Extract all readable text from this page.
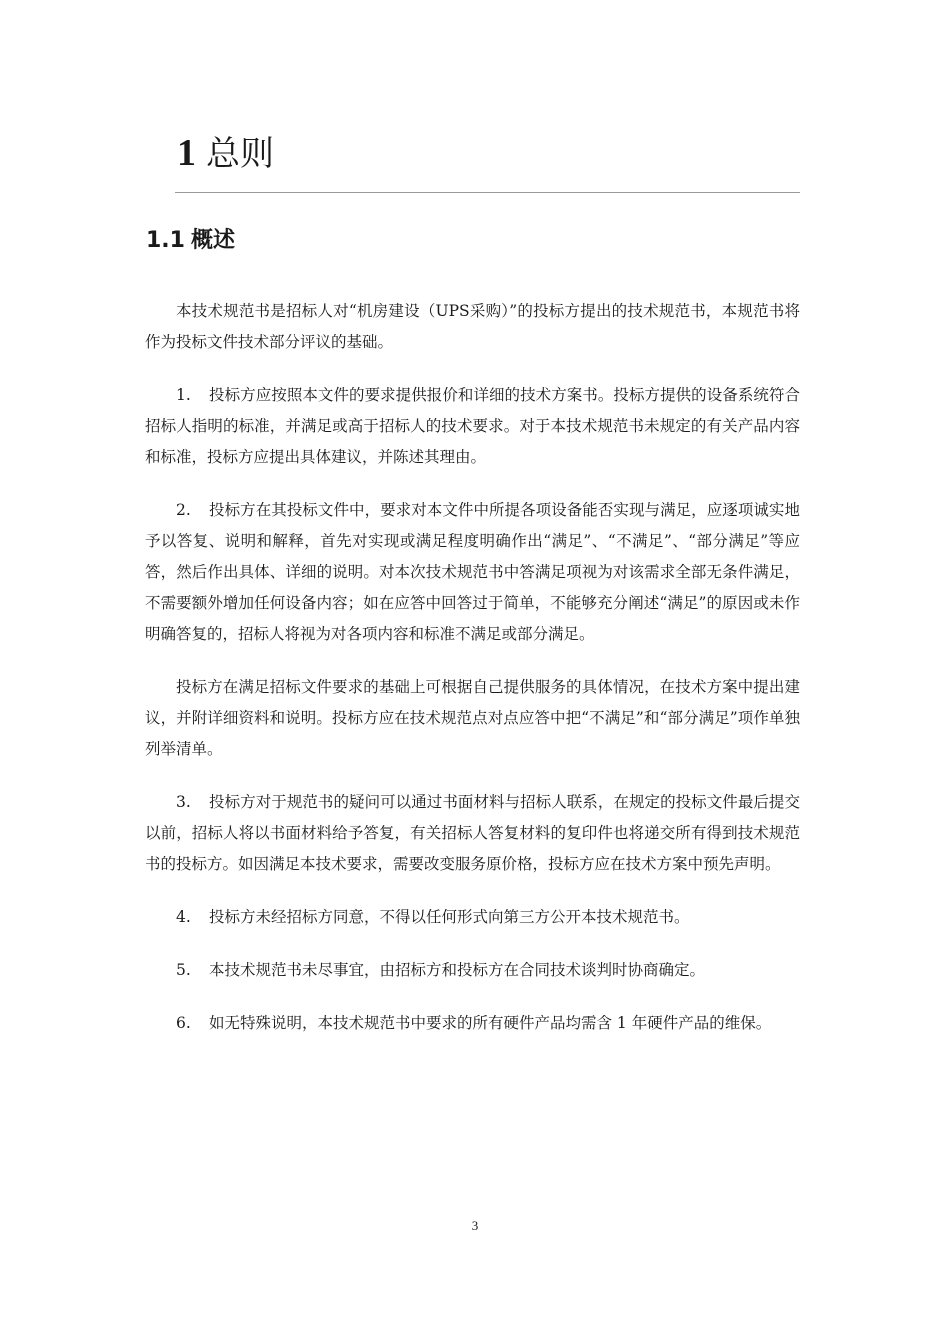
1 总则
1.1 概述

本技术规范书是招标人对“机房建设（UPS采购）”的投标方提出的技术规范书，本规范书将作为投标文件技术部分评议的基础。

1. 投标方应按照本文件的要求提供报价和详细的技术方案书。投标方提供的设备系统符合招标人指明的标准，并满足或高于招标人的技术要求。对于本技术规范书未规定的有关产品内容和标准，投标方应提出具体建议，并陈述其理由。

2. 投标方在其投标文件中，要求对本文件中所提各项设备能否实现与满足，应逐项诚实地予以答复、说明和解释，首先对实现或满足程度明确作出“满足”、“不满足”、“部分满足”等应答，然后作出具体、详细的说明。对本次技术规范书中答满足项视为对该需求全部无条件满足，不需要额外增加任何设备内容；如在应答中回答过于简单，不能够充分阐述“满足”的原因或未作明确答复的，招标人将视为对各项内容和标准不满足或部分满足。

投标方在满足招标文件要求的基础上可根据自己提供服务的具体情况，在技术方案中提出建议，并附详细资料和说明。投标方应在技术规范点对点应答中把“不满足”和“部分满足”项作单独列举清单。

3. 投标方对于规范书的疑问可以通过书面材料与招标人联系，在规定的投标文件最后提交以前，招标人将以书面材料给予答复，有关招标人答复材料的复印件也将递交所有得到技术规范书的投标方。如因满足本技术要求，需要改变服务原价格，投标方应在技术方案中预先声明。

4. 投标方未经招标方同意，不得以任何形式向第三方公开本技术规范书。

5. 本技术规范书未尽事宜，由招标方和投标方在合同技术谈判时协商确定。

6. 如无特殊说明，本技术规范书中要求的所有硬件产品均需含 1 年硬件产品的维保。

3
